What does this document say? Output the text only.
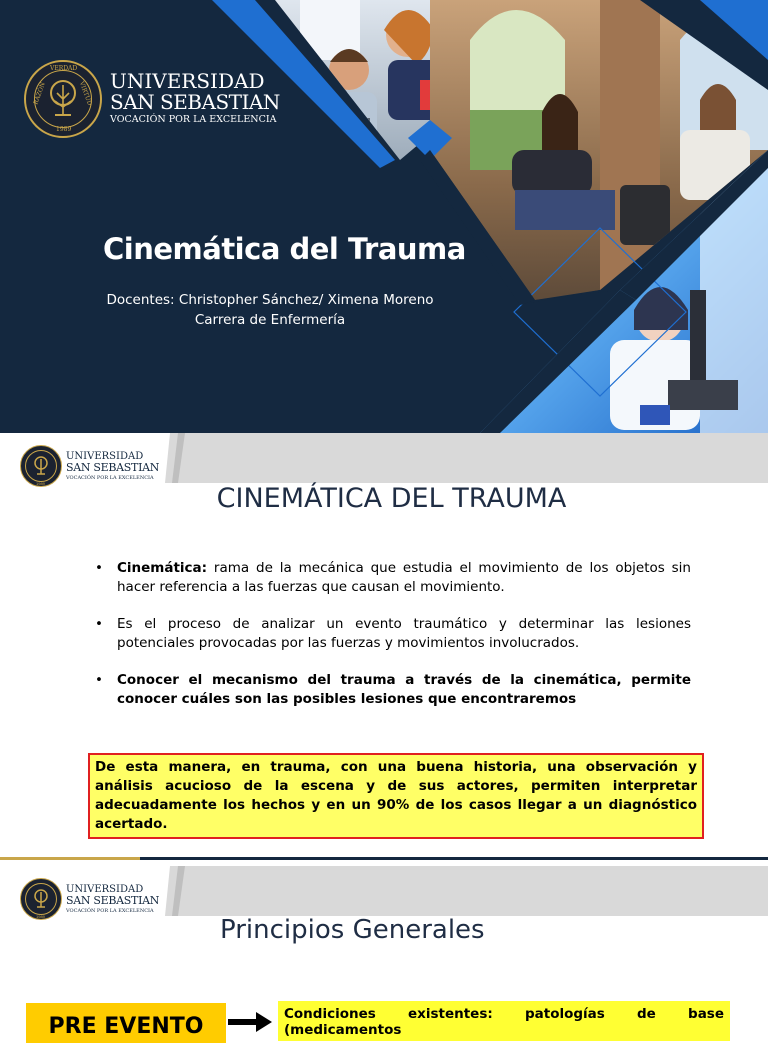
RAZÓN
VERDAD
VIRTUD
1989
UNIVERSIDAD
SAN SEBASTIAN
VOCACIÓN POR LA EXCELENCIA
Cinemática del Trauma
Docentes: Christopher Sánchez/ Ximena Moreno
Carrera de Enfermería
1989
UNIVERSIDAD
SAN SEBASTIAN
VOCACIÓN POR LA EXCELENCIA
CINEMÁTICA DEL TRAUMA
• Cinemática: rama de la mecánica que estudia el movimiento de los objetos sin hacer referencia a las fuerzas que causan el movimiento.
• Es el proceso de analizar un evento traumático y determinar las lesiones potenciales provocadas por las fuerzas y movimientos involucrados.
• Conocer el mecanismo del trauma a través de la cinemática, permite conocer cuáles son las posibles lesiones que encontraremos
De esta manera, en trauma, con una buena historia, una observación y análisis acucioso de la escena y de sus actores, permiten interpretar adecuadamente los hechos y en un 90% de los casos llegar a un diagnóstico acertado.
1989
UNIVERSIDAD
SAN SEBASTIAN
VOCACIÓN POR LA EXCELENCIA
Principios Generales
PRE EVENTO	Condiciones existentes: patologías de base (medicamentos
